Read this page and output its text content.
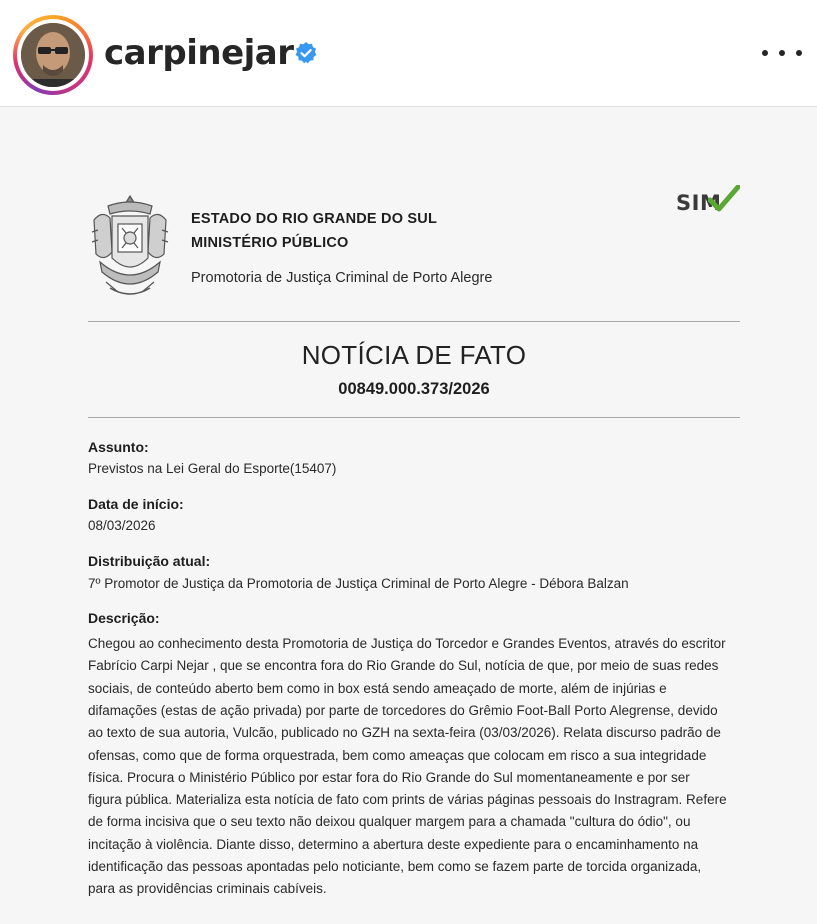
carpinejar
ESTADO DO RIO GRANDE DO SUL
MINISTÉRIO PÚBLICO
Promotoria de Justiça Criminal de Porto Alegre
SIM
NOTÍCIA DE FATO
00849.000.373/2026
Assunto:
Previstos na Lei Geral do Esporte(15407)
Data de início:
08/03/2026
Distribuição atual:
7º Promotor de Justiça da Promotoria de Justiça Criminal de Porto Alegre - Débora Balzan
Descrição:
Chegou ao conhecimento desta Promotoria de Justiça do Torcedor e Grandes Eventos, através do escritor
Fabrício Carpi Nejar , que se encontra fora do Rio Grande do Sul, notícia de que, por meio de suas redes
sociais, de conteúdo aberto bem como in box está sendo ameaçado de morte, além de injúrias e
difamações (estas de ação privada) por parte de torcedores do Grêmio Foot-Ball Porto Alegrense, devido
ao texto de sua autoria, Vulcão, publicado no GZH na sexta-feira (03/03/2026). Relata discurso padrão de
ofensas, como que de forma orquestrada, bem como ameaças que colocam em risco a sua integridade
física. Procura o Ministério Público por estar fora do Rio Grande do Sul momentaneamente e por ser
figura pública. Materializa esta notícia de fato com prints de várias páginas pessoais do Instragram. Refere
de forma incisiva que o seu texto não deixou qualquer margem para a chamada "cultura do ódio", ou
incitação à violência. Diante disso, determino a abertura deste expediente para o encaminhamento na
identificação das pessoas apontadas pelo noticiante, bem como se fazem parte de torcida organizada,
para as providências criminais cabíveis.
